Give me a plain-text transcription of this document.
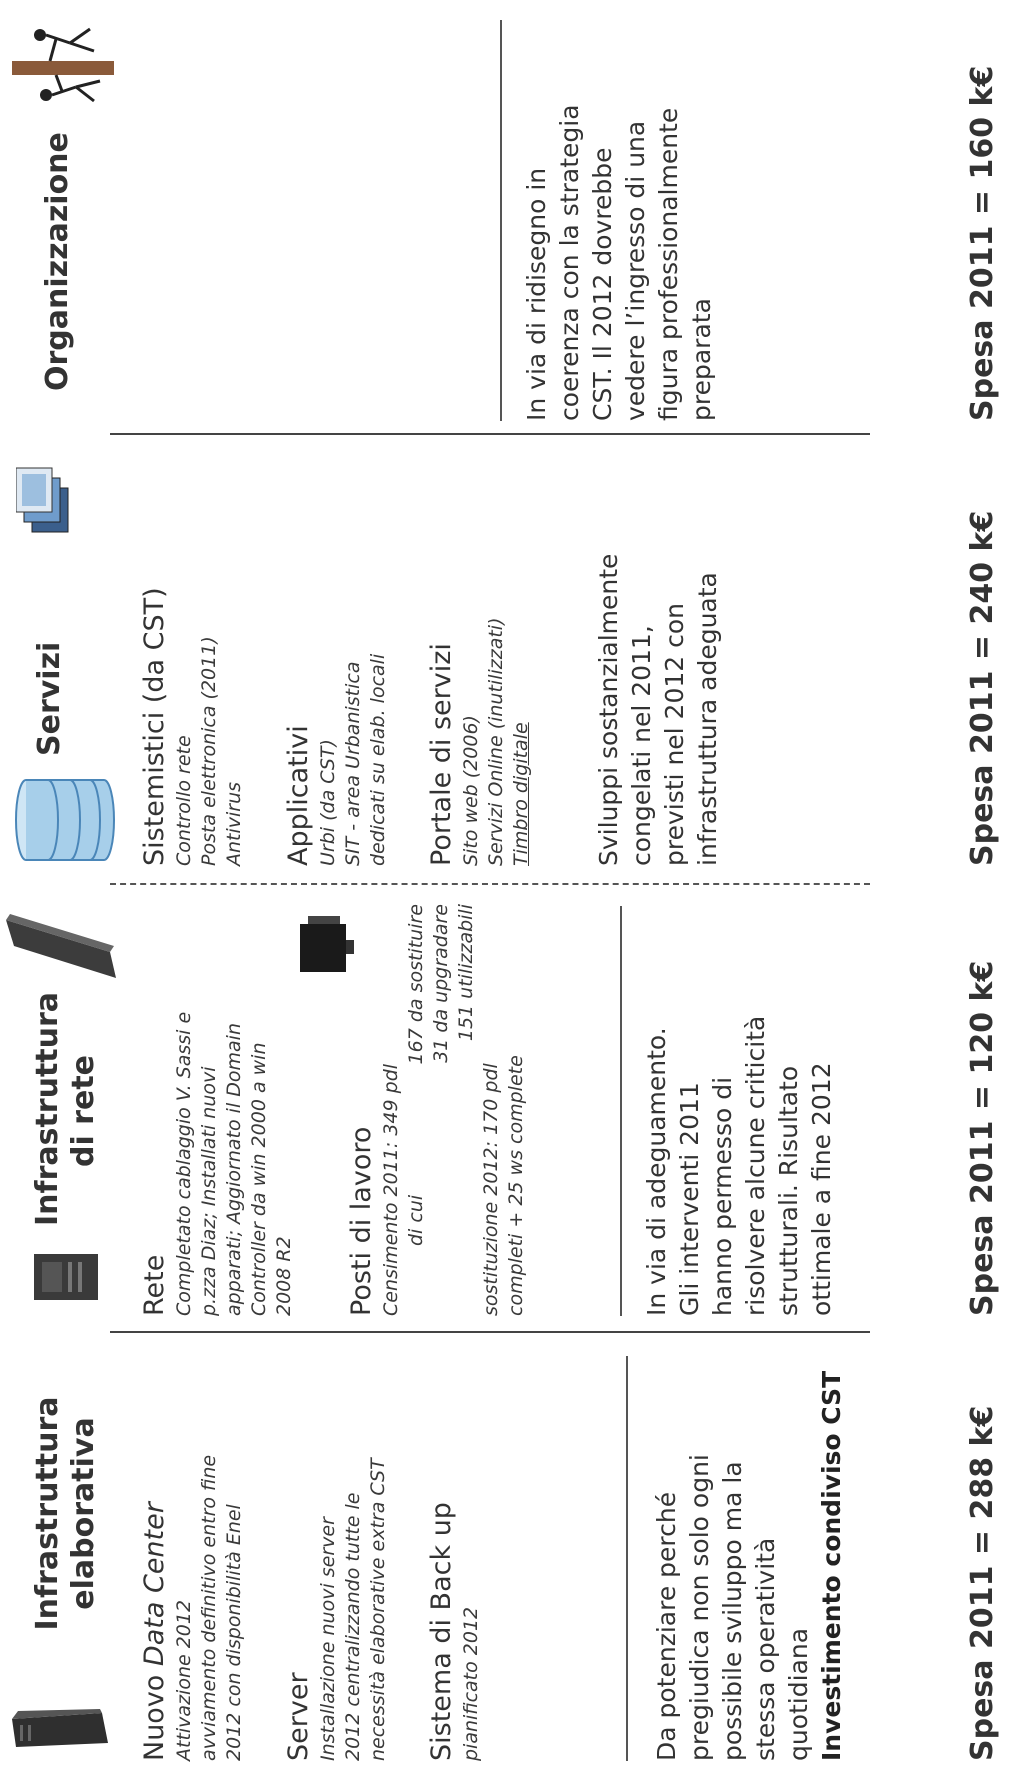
Infrastruttura elaborativa
Nuovo Data Center
Attivazione 2012 avviamento definitivo entro fine 2012 con disponibilità Enel Server Installazione nuovi server 2012 centralizzando tutte le necessità elaborative extra CST Sistema di Back up pianificato 2012	Da potenziare perché pregiudica non solo ogni possibile sviluppo ma la stessa operatività quotidiana Investimento condiviso CST	Spesa 2011 = 288 k€
Infrastruttura di rete
Rete Completato cablaggio V. Sassi e p.zza Diaz; Installati nuovi apparati; Aggiornato il Domain Controller da win 2000 a win 2008 R2 Posti di lavoro Censimento 2011: 349 pdl di cui
167 da sostituire 31 da upgradare 151 utilizzabili
sostituzione 2012: 170 pdl completi + 25 ws complete	In via di adeguamento. Gli interventi 2011 hanno permesso di risolvere alcune criticità strutturali. Risultato ottimale a fine 2012	Spesa 2011 = 120 k€
Servizi	Sistemistici (da CST) Controllo rete Posta elettronica (2011) Antivirus Applicativi Urbi (da CST) SIT - area Urbanistica dedicati su elab. locali Portale di servizi Sito web (2006) Servizi Online (inutilizzati) Timbro digitale Sviluppi sostanzialmente congelati nel 2011, previsti nel 2012 con infrastruttura adeguata	Spesa 2011 = 240 k€
Organizzazione	In via di ridisegno in coerenza con la strategia CST. Il 2012 dovrebbe vedere l’ingresso di una figura professionalmente preparata	Spesa 2011 = 160 k€
